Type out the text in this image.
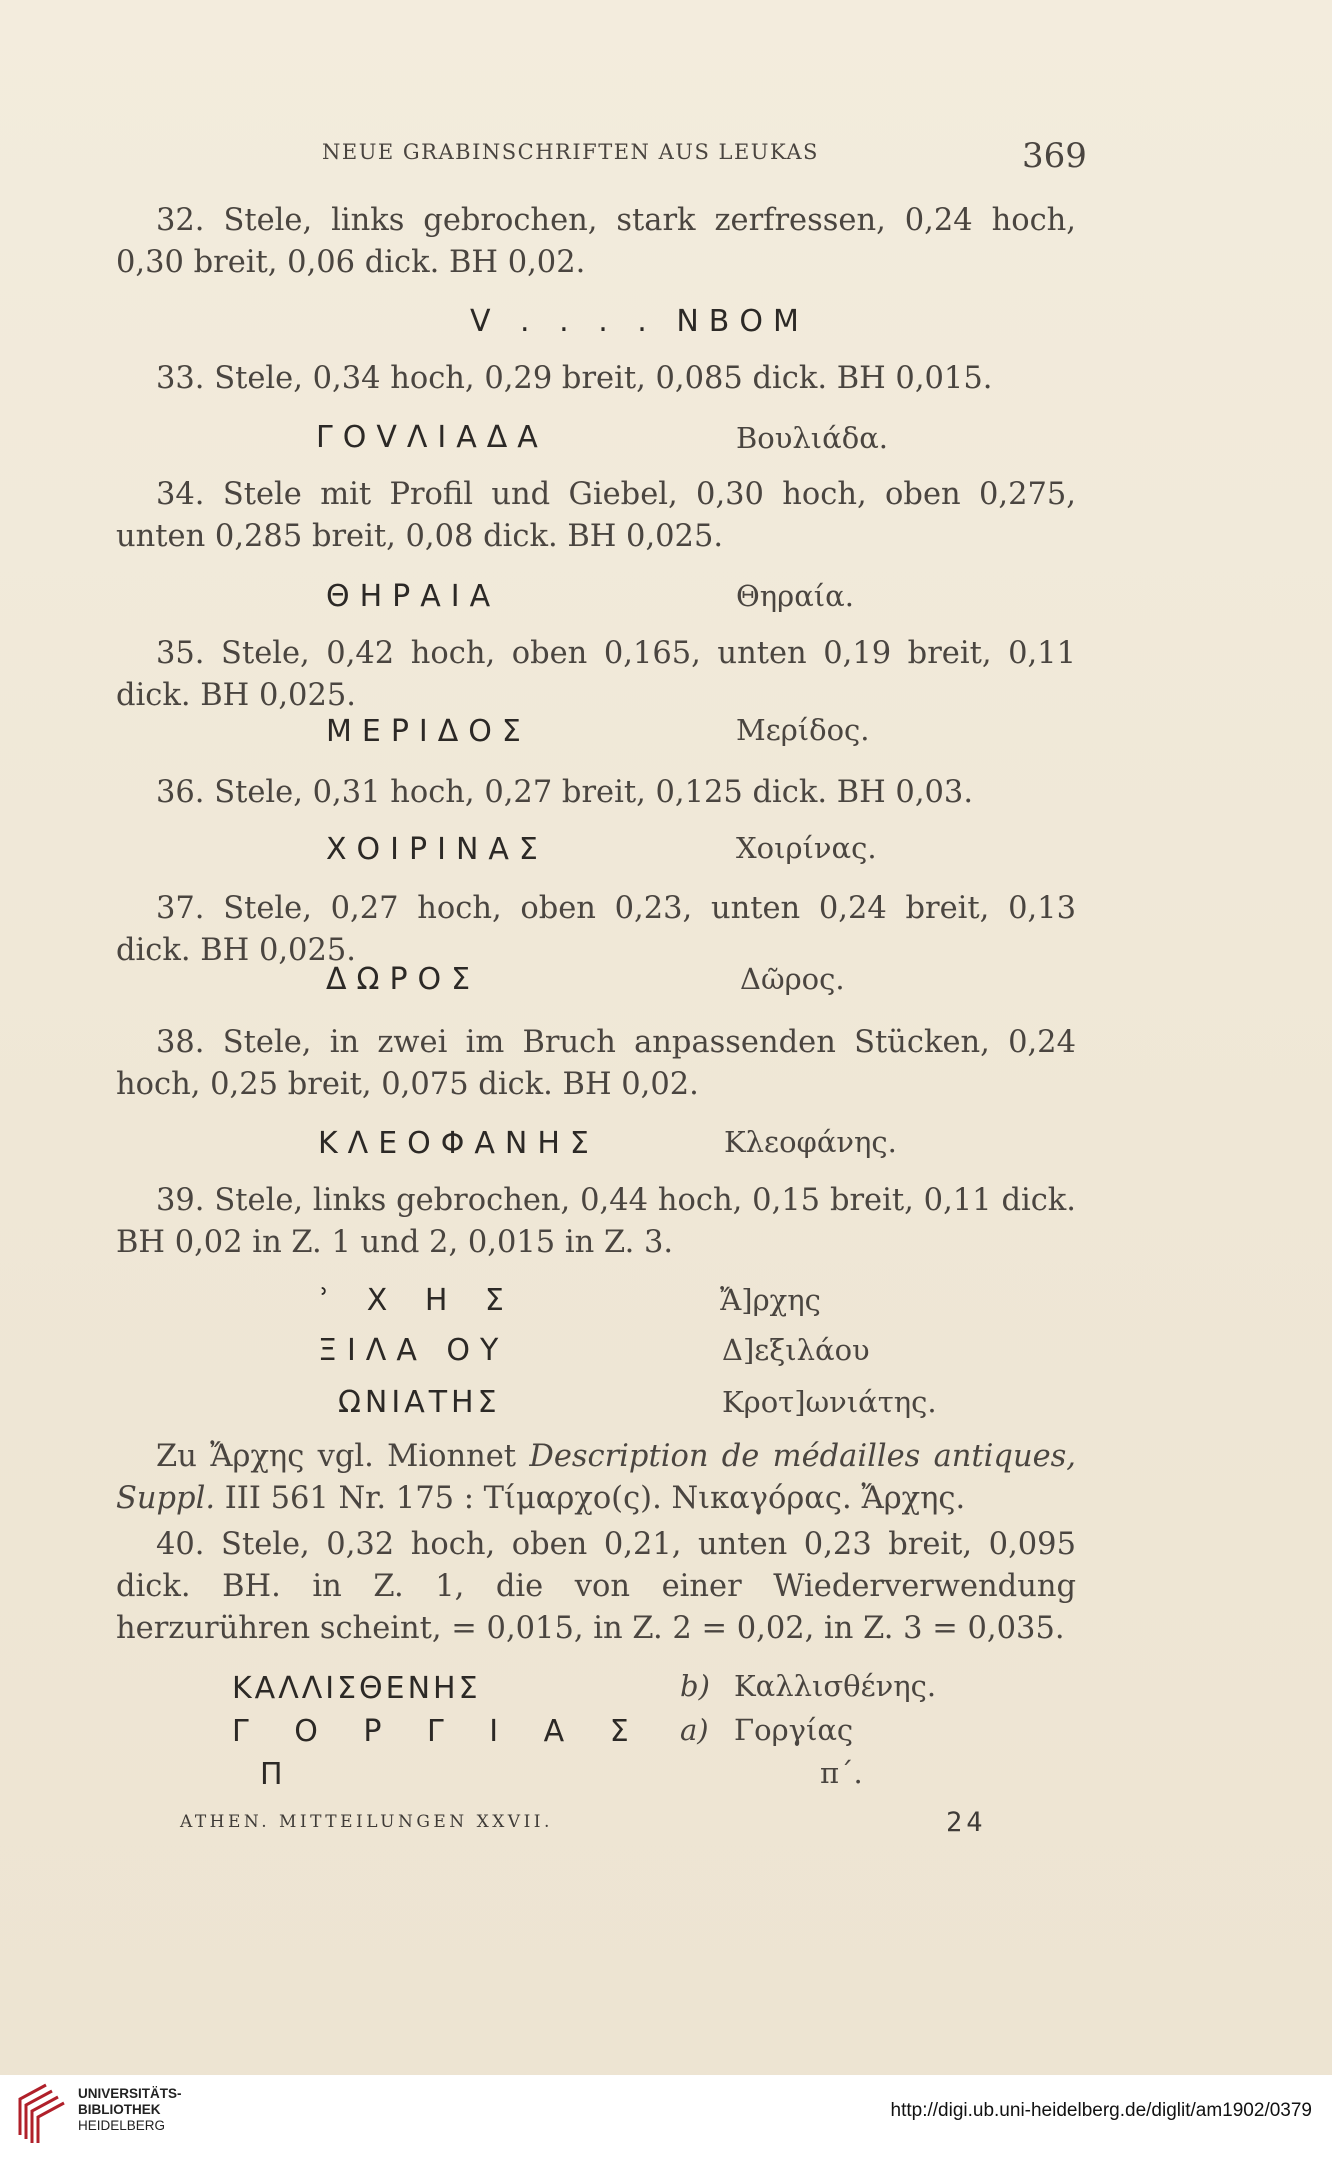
NEUE GRABINSCHRIFTEN AUS LEUKAS	369
32. Stele, links gebrochen, stark zerfressen, 0,24 hoch, 0,30 breit, 0,06 dick. BH 0,02.
V . . . . ΝΒΟΜ
33. Stele, 0,34 hoch, 0,29 breit, 0,085 dick. BH 0,015.
ΓΟVΛΙΑΔΑ	Βουλιάδα.
34. Stele mit Profil und Giebel, 0,30 hoch, oben 0,275, unten 0,285 breit, 0,08 dick. BH 0,025.
ΘΗΡΑΙΑ	Θηραία.
35. Stele, 0,42 hoch, oben 0,165, unten 0,19 breit, 0,11 dick. BH 0,025.
ΜΕΡΙΔΟΣ	Μερίδος.
36. Stele, 0,31 hoch, 0,27 breit, 0,125 dick. BH 0,03.
ΧΟΙΡΙΝΑΣ	Χοιρίνας.
37. Stele, 0,27 hoch, oben 0,23, unten 0,24 breit, 0,13 dick. BH 0,025.
ΔΩΡΟΣ	Δῶρος.
38. Stele, in zwei im Bruch anpassenden Stücken, 0,24 hoch, 0,25 breit, 0,075 dick. BH 0,02.
ΚΛΕΟΦΑΝΗΣ	Κλεοφάνης.
39. Stele, links gebrochen, 0,44 hoch, 0,15 breit, 0,11 dick. BH 0,02 in Z. 1 und 2, 0,015 in Z. 3.
ʾ Χ Η Σ	Ἄ]ρχης
ΞΙΛΑ ΟΥ	Δ]εξιλάου
ΩΝΙΑΤΗΣ	Κροτ]ωνιάτης.
Zu Ἄρχης vgl. Mionnet Description de médailles antiques, Suppl. III 561 Nr. 175 : Τίμαρχο(ς). Νικαγόρας. Ἄρχης.
40. Stele, 0,32 hoch, oben 0,21, unten 0,23 breit, 0,095 dick. BH. in Z. 1, die von einer Wiederverwendung herzurühren scheint, = 0,015, in Z. 2 = 0,02, in Z. 3 = 0,035.
ΚΑΛΛΙΣΘΕΝΗΣ	b) Καλλισθένης.
Γ Ο Ρ Γ Ι Α Σ a) Γοργίας
Π	π΄.
ATHEN. MITTEILUNGEN XXVII.	24
UNIVERSITÄTS-
BIBLIOTHEK
HEIDELBERG
http://digi.ub.uni-heidelberg.de/diglit/am1902/0379
